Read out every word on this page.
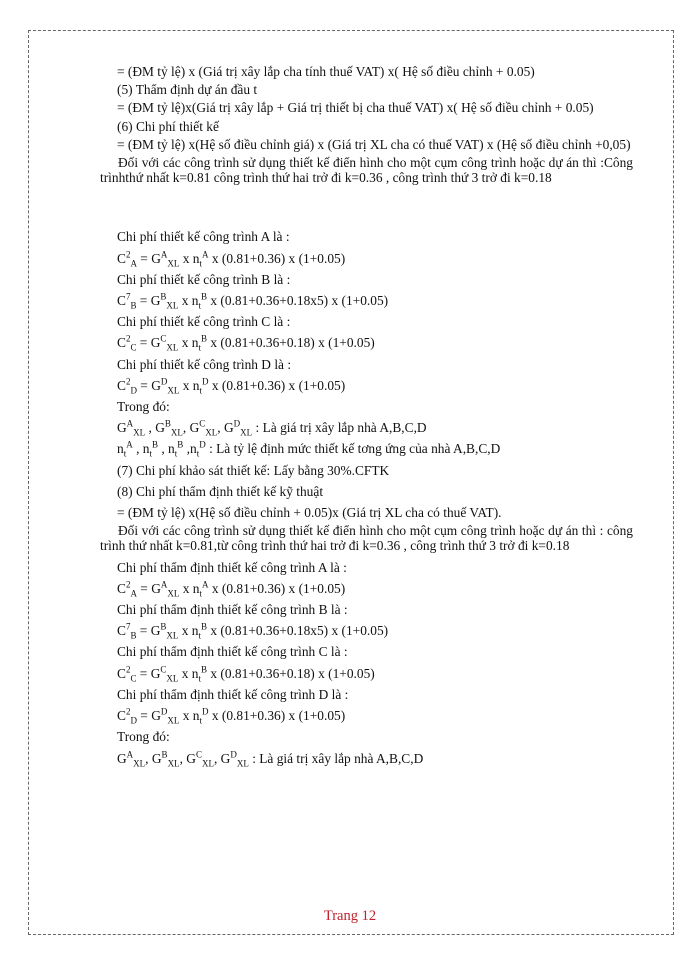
= (ĐM tỷ lệ) x (Giá trị xây lắp cha tính thuế VAT) x( Hệ số điều chỉnh + 0.05)

(5) Thẩm định dự án đầu t

= (ĐM tỷ lệ)x(Giá trị xây lắp + Giá trị thiết bị cha thuế VAT) x( Hệ số điều chỉnh + 0.05)

(6) Chi phí thiết kế

= (ĐM tỷ lệ) x(Hệ số điều chỉnh giá) x (Giá trị XL cha có thuế VAT) x (Hệ số điều chỉnh +0,05)

Đối với các công trình sử dụng thiết kế điển hình cho một cụm công trình hoặc dự án thì :Công trìnhthứ nhất k=0.81 công trình thứ hai trở đi k=0.36 , công trình thứ 3 trở đi k=0.18

Chi phí thiết kế công trình A là :

$C^2_A = G^A_{XL}$ x $n_t^A$ x (0.81+0.36) x (1+0.05)

Chi phí thiết kế công trình B là :

$C^7_B = G^B_{XL}$ x $n_t^B$ x (0.81+0.36+0.18x5) x (1+0.05)

Chi phí thiết kế công trình C là :

$C^2_C = G^C_{XL}$ x $n_t^B$ x (0.81+0.36+0.18) x (1+0.05)

Chi phí thiết kế công trình D là :

$C^2_D = G^D_{XL}$ x $n_t^D$ x (0.81+0.36) x (1+0.05)

Trong đó:

$G^A_{XL}$ , $G^B_{XL}$, $G^C_{XL}$, $G^D_{XL}$ : Là giá trị xây lắp nhà A,B,C,D

$n_t^A$ , $n_t^B$ , $n_t^B$ $,n_t^D$ : Là tỷ lệ định mức thiết kế tơng ứng của nhà A,B,C,D

(7) Chi phí khảo sát thiết kế: Lấy bằng 30%.CFTK

(8) Chi phí thẩm định thiết kế kỹ thuật

= (ĐM tỷ lệ) x(Hệ số điều chỉnh + 0.05)x (Giá trị XL cha có thuế VAT).

Đối với các công trình sử dụng thiết kế điển hình cho một cụm công trình hoặc dự án thì : công trình thứ nhất k=0.81,từ công trình thứ hai trở đi k=0.36 , công trình thứ 3 trở đi k=0.18

Chi phí thẩm định thiết kế công trình A là :

$C^2_A = G^A_{XL}$ x $n_t^A$ x (0.81+0.36) x (1+0.05)

Chi phí thẩm định thiết kế công trình B là :

$C^7_B = G^B_{XL}$ x $n_t^B$ x (0.81+0.36+0.18x5) x (1+0.05)

Chi phí thẩm định thiết kế công trình C là :

$C^2_C = G^C_{XL}$ x $n_t^B$ x (0.81+0.36+0.18) x (1+0.05)

Chi phí thẩm định thiết kế công trình D là :

$C^2_D = G^D_{XL}$ x $n_t^D$ x (0.81+0.36) x (1+0.05)

Trong đó:

$G^A_{XL}$, $G^B_{XL}$, $G^C_{XL}$, $G^D_{XL}$ : Là giá trị xây lắp nhà A,B,C,D

Trang 12
